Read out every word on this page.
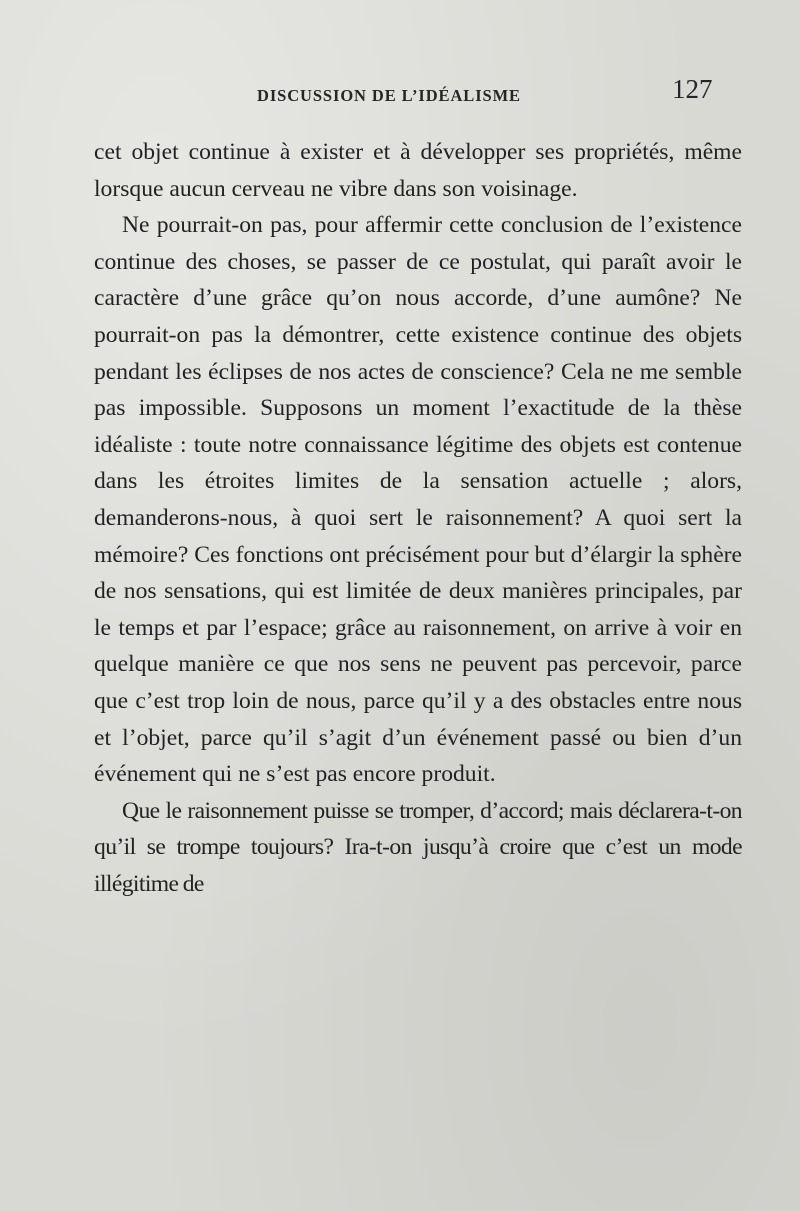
DISCUSSION DE L’IDÉALISME	127

cet objet continue à exister et à développer ses propriétés, même lorsque aucun cerveau ne vibre dans son voisinage.

Ne pourrait-on pas, pour affermir cette conclusion de l’existence continue des choses, se passer de ce postulat, qui paraît avoir le caractère d’une grâce qu’on nous accorde, d’une aumône? Ne pourrait-on pas la démontrer, cette existence continue des objets pendant les éclipses de nos actes de conscience? Cela ne me semble pas impossible. Supposons un moment l’exactitude de la thèse idéaliste : toute notre connaissance légitime des objets est contenue dans les étroites limites de la sensation actuelle ; alors, demanderons-nous, à quoi sert le raisonnement? A quoi sert la mémoire? Ces fonctions ont précisément pour but d’élargir la sphère de nos sensations, qui est limitée de deux manières principales, par le temps et par l’espace; grâce au raisonnement, on arrive à voir en quelque manière ce que nos sens ne peuvent pas percevoir, parce que c’est trop loin de nous, parce qu’il y a des obstacles entre nous et l’objet, parce qu’il s’agit d’un événement passé ou bien d’un événement qui ne s’est pas encore produit.

Que le raisonnement puisse se tromper, d’accord; mais déclarera-t-on qu’il se trompe toujours? Ira-t-on jusqu’à croire que c’est un mode illégitime de
